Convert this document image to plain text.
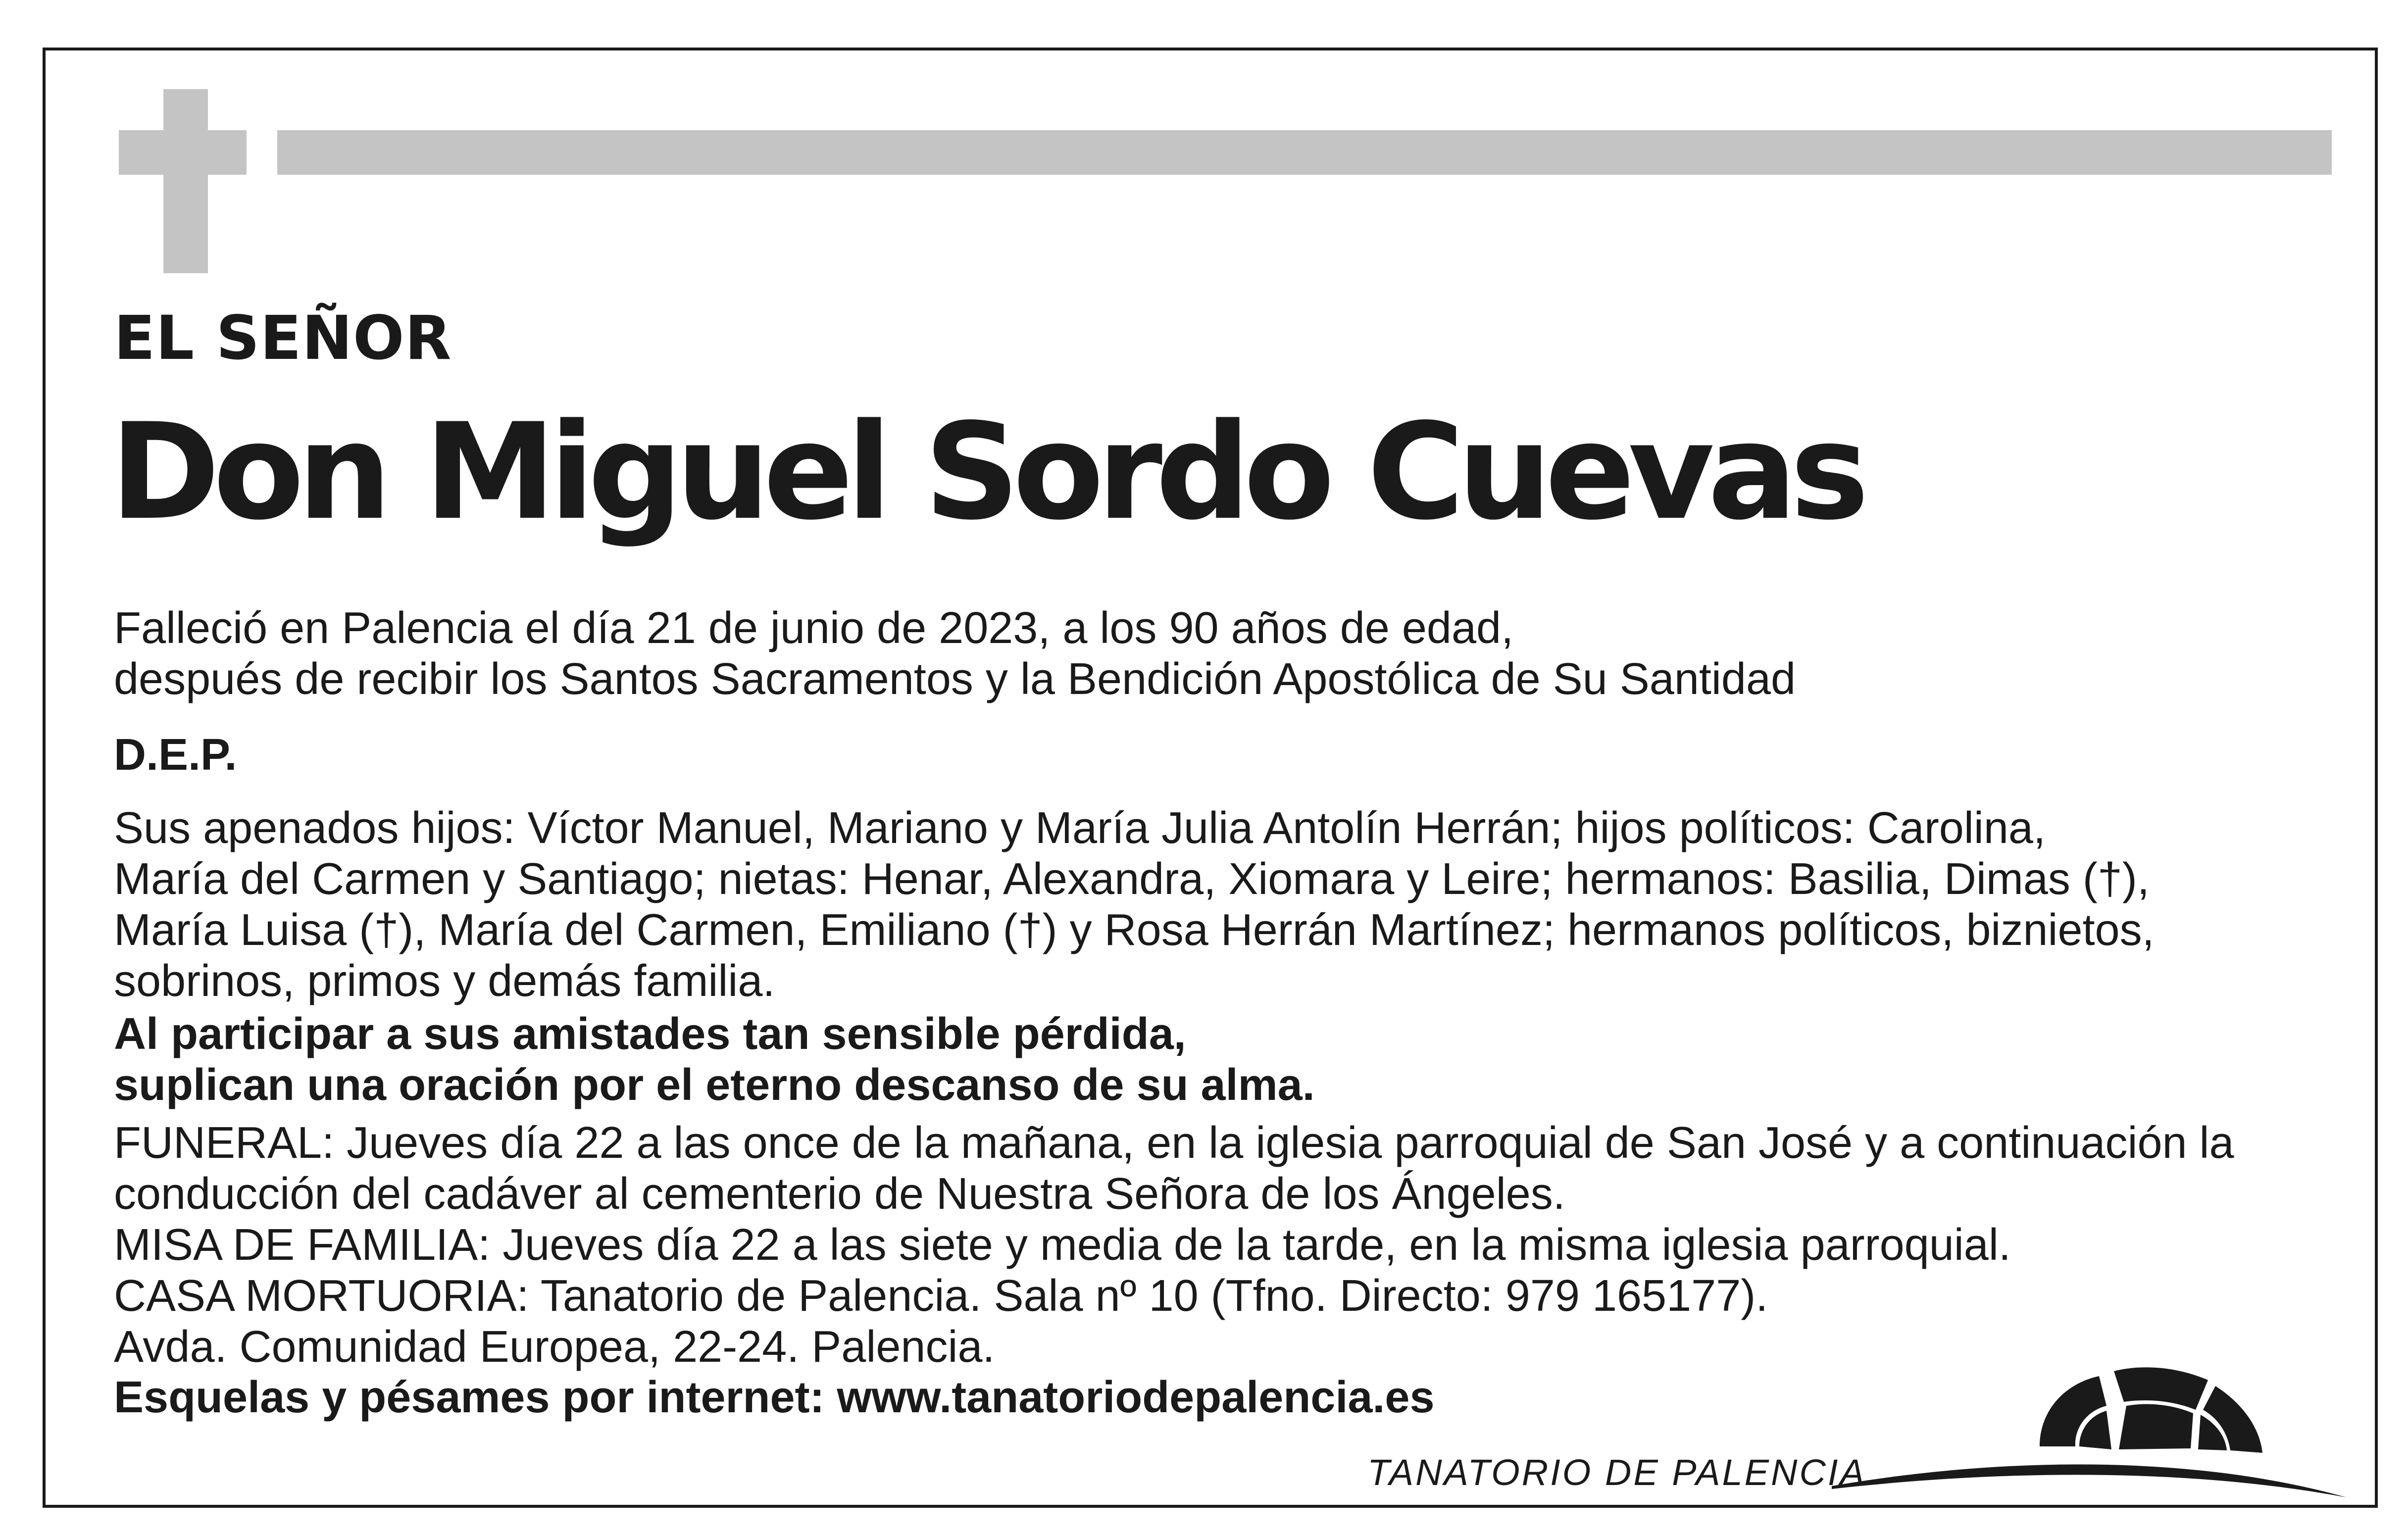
EL SEÑOR
Don Miguel Sordo Cuevas
Falleció en Palencia el día 21 de junio de 2023, a los 90 años de edad,
después de recibir los Santos Sacramentos y la Bendición Apostólica de Su Santidad
D.E.P.
Sus apenados hijos: Víctor Manuel, Mariano y María Julia Antolín Herrán; hijos políticos: Carolina,
María del Carmen y Santiago; nietas: Henar, Alexandra, Xiomara y Leire; hermanos: Basilia, Dimas (†),
María Luisa (†), María del Carmen, Emiliano (†) y Rosa Herrán Martínez; hermanos políticos, biznietos,
sobrinos, primos y demás familia.
Al participar a sus amistades tan sensible pérdida,
suplican una oración por el eterno descanso de su alma.
FUNERAL: Jueves día 22 a las once de la mañana, en la iglesia parroquial de San José y a continuación la
conducción del cadáver al cementerio de Nuestra Señora de los Ángeles.
MISA DE FAMILIA: Jueves día 22 a las siete y media de la tarde, en la misma iglesia parroquial.
CASA MORTUORIA: Tanatorio de Palencia. Sala nº 10 (Tfno. Directo: 979 165177).
Avda. Comunidad Europea, 22-24. Palencia.
Esquelas y pésames por internet: www.tanatoriodepalencia.es
TANATORIO DE PALENCIA
